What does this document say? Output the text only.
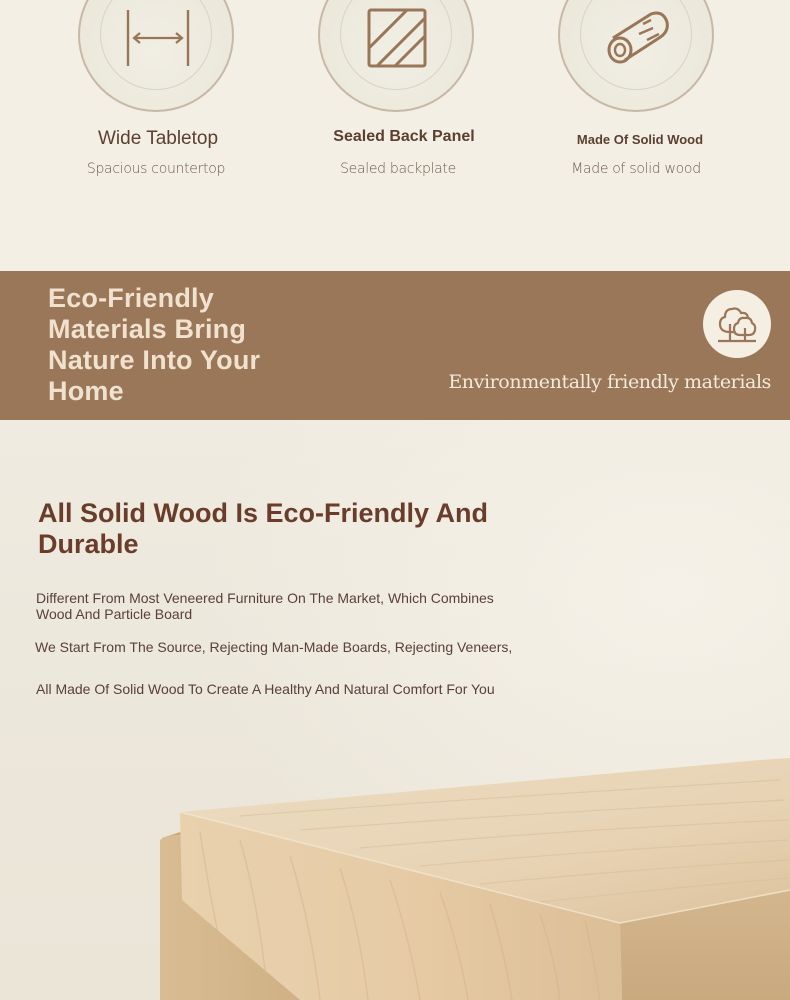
Wide Tabletop
Spacious countertop
Sealed Back Panel
Sealed backplate
Made Of Solid Wood
Made of solid wood
Eco-Friendly Materials Bring Nature Into Your Home	Environmentally friendly materials
All Solid Wood Is Eco-Friendly And Durable
Different From Most Veneered Furniture On The Market, Which Combines Wood And Particle Board
We Start From The Source, Rejecting Man-Made Boards, Rejecting Veneers,
All Made Of Solid Wood To Create A Healthy And Natural Comfort For You
